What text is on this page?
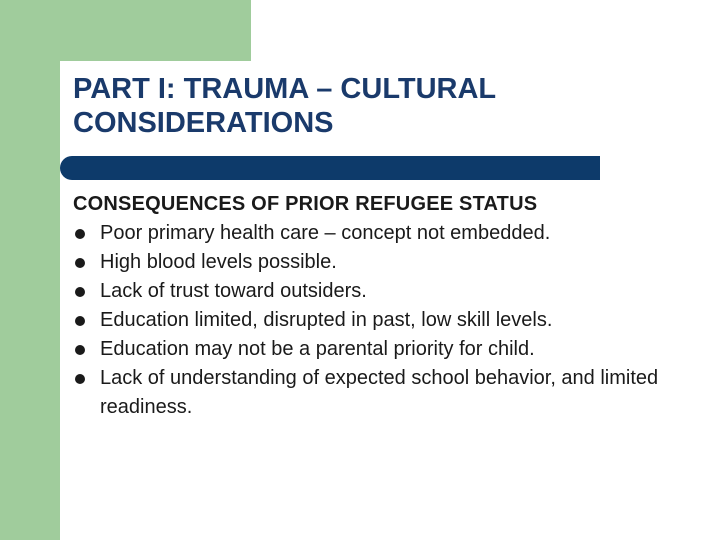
PART I: TRAUMA – CULTURAL
CONSIDERATIONS
CONSEQUENCES OF PRIOR REFUGEE STATUS
Poor primary health care – concept not embedded.
High blood levels possible.
Lack of trust toward outsiders.
Education limited, disrupted in past, low skill levels.
Education may not be a parental priority for child.
Lack of understanding of expected school behavior, and limited readiness.
